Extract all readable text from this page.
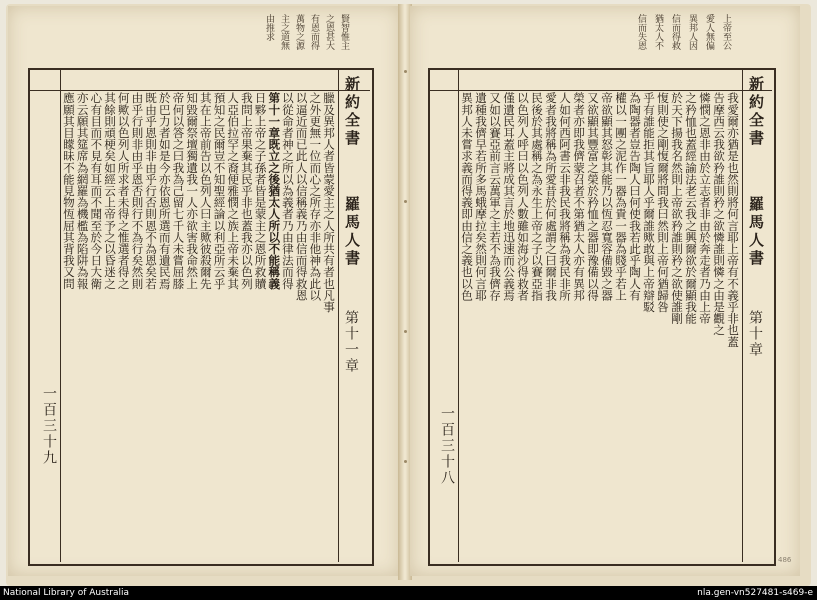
新約全書
羅馬人書
第十一章
一百三十九
賢智惟主
之恩甚大
有恩而得
萬物之源
主之道無
由推求
臘及異邦人者皆蒙愛主之人所共有者也凡事
之外更無一位而心之所存亦非他神為此以
以逼近而已此人以信稱義乃由信而得救恩
以從命者神之所以為義者乃由律法而得
第十一章既立之後猶太人所以不能稱義
日夥上帝之子孫者皆是蒙主之恩所救贖
我問上帝果棄其民乎非也蓋我亦以色列
人亞伯拉罕之裔便雅憫之族上帝未棄其
預知之民爾豈不知聖經論以利亞所云乎
其在上帝前告以色列人曰主歟彼殺爾先
知毀爾祭壇獨遺我一人亦欲害我命然上
帝何以答之曰我為己留七千人未嘗屈膝
於巴力者如是今亦依恩所選而有遺民焉
既由乎恩則非由乎行否則恩不為恩矣若
由乎行則非由乎恩否則行不為行矣然則
何歟以色列人所求者未得之惟選者得之
其餘則頑梗矣如經云上帝予之以昏迷之
心有目而不見有耳而不聞至於今日大衛
亦云願其筵席為網羅為機檻為陷阱為報
應願其目矇昧不能見物恆屈其背我又問	新約全書
羅馬人書
第十章
一百三十八
上帝至公
愛人無偏
異邦人因
信而得救
猶太人不
信而失恩
我愛爾亦猶是也然則將何言耶上帝有不義乎非也蓋
告摩西云我欲矜誰則矜之欲憐誰則憐之由是觀之
憐憫之恩非由於立志者非由於奔走者乃由上帝
之矜恤也蓋經諭法老云我之興爾欲於爾顯我能
於天下揚我名然則上帝欲矜誰則矜之欲使誰剛
愎則使之剛愎爾將問我曰然則上帝何猶歸咎
乎有誰能拒其旨耶人乎爾誰歟敢與上帝辯駁
為陶器者豈告陶人曰何使我若此乎陶人有
權以一團之泥作一器為貴一器為賤乎若上
帝欲顯其怒彰其能乃以恆忍寬容備毀之器
又欲顯其豐富之榮於矜恤之器即豫備以得
榮者亦即我儕蒙召者不第猶太人亦有異邦
人如何西阿書云非我民我將稱為我民非所
愛者我將稱為所愛昔於何處謂之曰爾非我
民後於其處稱之為永生上帝之子以賽亞指
以色列人呼曰以色列人數雖如海沙得救者
僅遺民耳蓋主將成其言於地迅速而公義焉
又如以賽亞前言云萬軍之主若不為我儕存
遺種我儕早若所多馬蛾摩拉矣然則何言耶
異邦人未嘗求義而得義即由信之義也以色
486
National Library of Australia	nla.gen-vn527481-s469-e
